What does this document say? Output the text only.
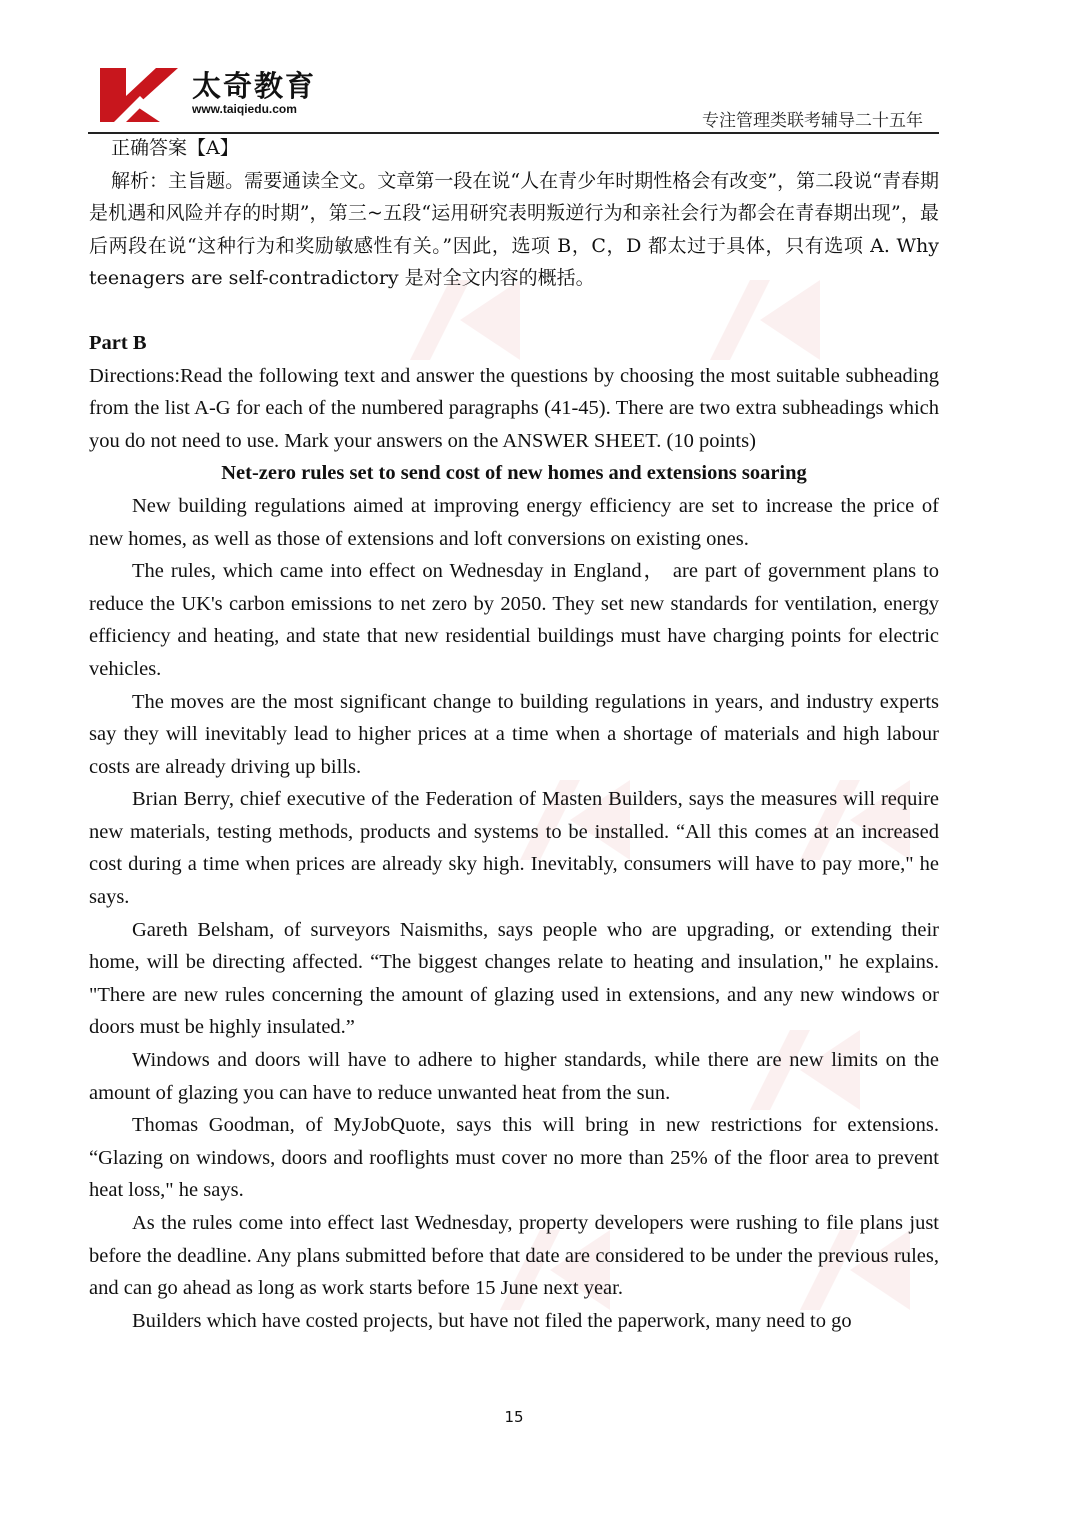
太奇教育
www.taiqiedu.com
专注管理类联考辅导二十五年

正确答案【A】

解析：主旨题。需要通读全文。文章第一段在说“人在青少年时期性格会有改变”，第二段说“青春期是机遇和风险并存的时期”，第三~五段“运用研究表明叛逆行为和亲社会行为都会在青春期出现”，最后两段在说“这种行为和奖励敏感性有关。”因此，选项 B，C，D 都太过于具体，只有选项 A. Why teenagers are self-contradictory 是对全文内容的概括。

Part B

Directions:Read the following text and answer the questions by choosing the most suitable subheading from the list A-G for each of the numbered paragraphs (41-45). There are two extra subheadings which you do not need to use. Mark your answers on the ANSWER SHEET. (10 points)

Net-zero rules set to send cost of new homes and extensions soaring

New building regulations aimed at improving energy efficiency are set to increase the price of new homes, as well as those of extensions and loft conversions on existing ones.

The rules, which came into effect on Wednesday in England， are part of government plans to reduce the UK's carbon emissions to net zero by 2050. They set new standards for ventilation, energy efficiency and heating, and state that new residential buildings must have charging points for electric vehicles.

The moves are the most significant change to building regulations in years, and industry experts say they will inevitably lead to higher prices at a time when a shortage of materials and high labour costs are already driving up bills.

Brian Berry, chief executive of the Federation of Masten Builders, says the measures will require new materials, testing methods, products and systems to be installed. “All this comes at an increased cost during a time when prices are already sky high. Inevitably, consumers will have to pay more," he says.

Gareth Belsham, of surveyors Naismiths, says people who are upgrading, or extending their home, will be directing affected. “The biggest changes relate to heating and insulation," he explains. "There are new rules concerning the amount of glazing used in extensions, and any new windows or doors must be highly insulated.”

Windows and doors will have to adhere to higher standards, while there are new limits on the amount of glazing you can have to reduce unwanted heat from the sun.

Thomas Goodman, of MyJobQuote, says this will bring in new restrictions for extensions. “Glazing on windows, doors and rooflights must cover no more than 25% of the floor area to prevent heat loss," he says.

As the rules come into effect last Wednesday, property developers were rushing to file plans just before the deadline. Any plans submitted before that date are considered to be under the previous rules, and can go ahead as long as work starts before 15 June next year.

Builders which have costed projects, but have not filed the paperwork, many need to go

15
